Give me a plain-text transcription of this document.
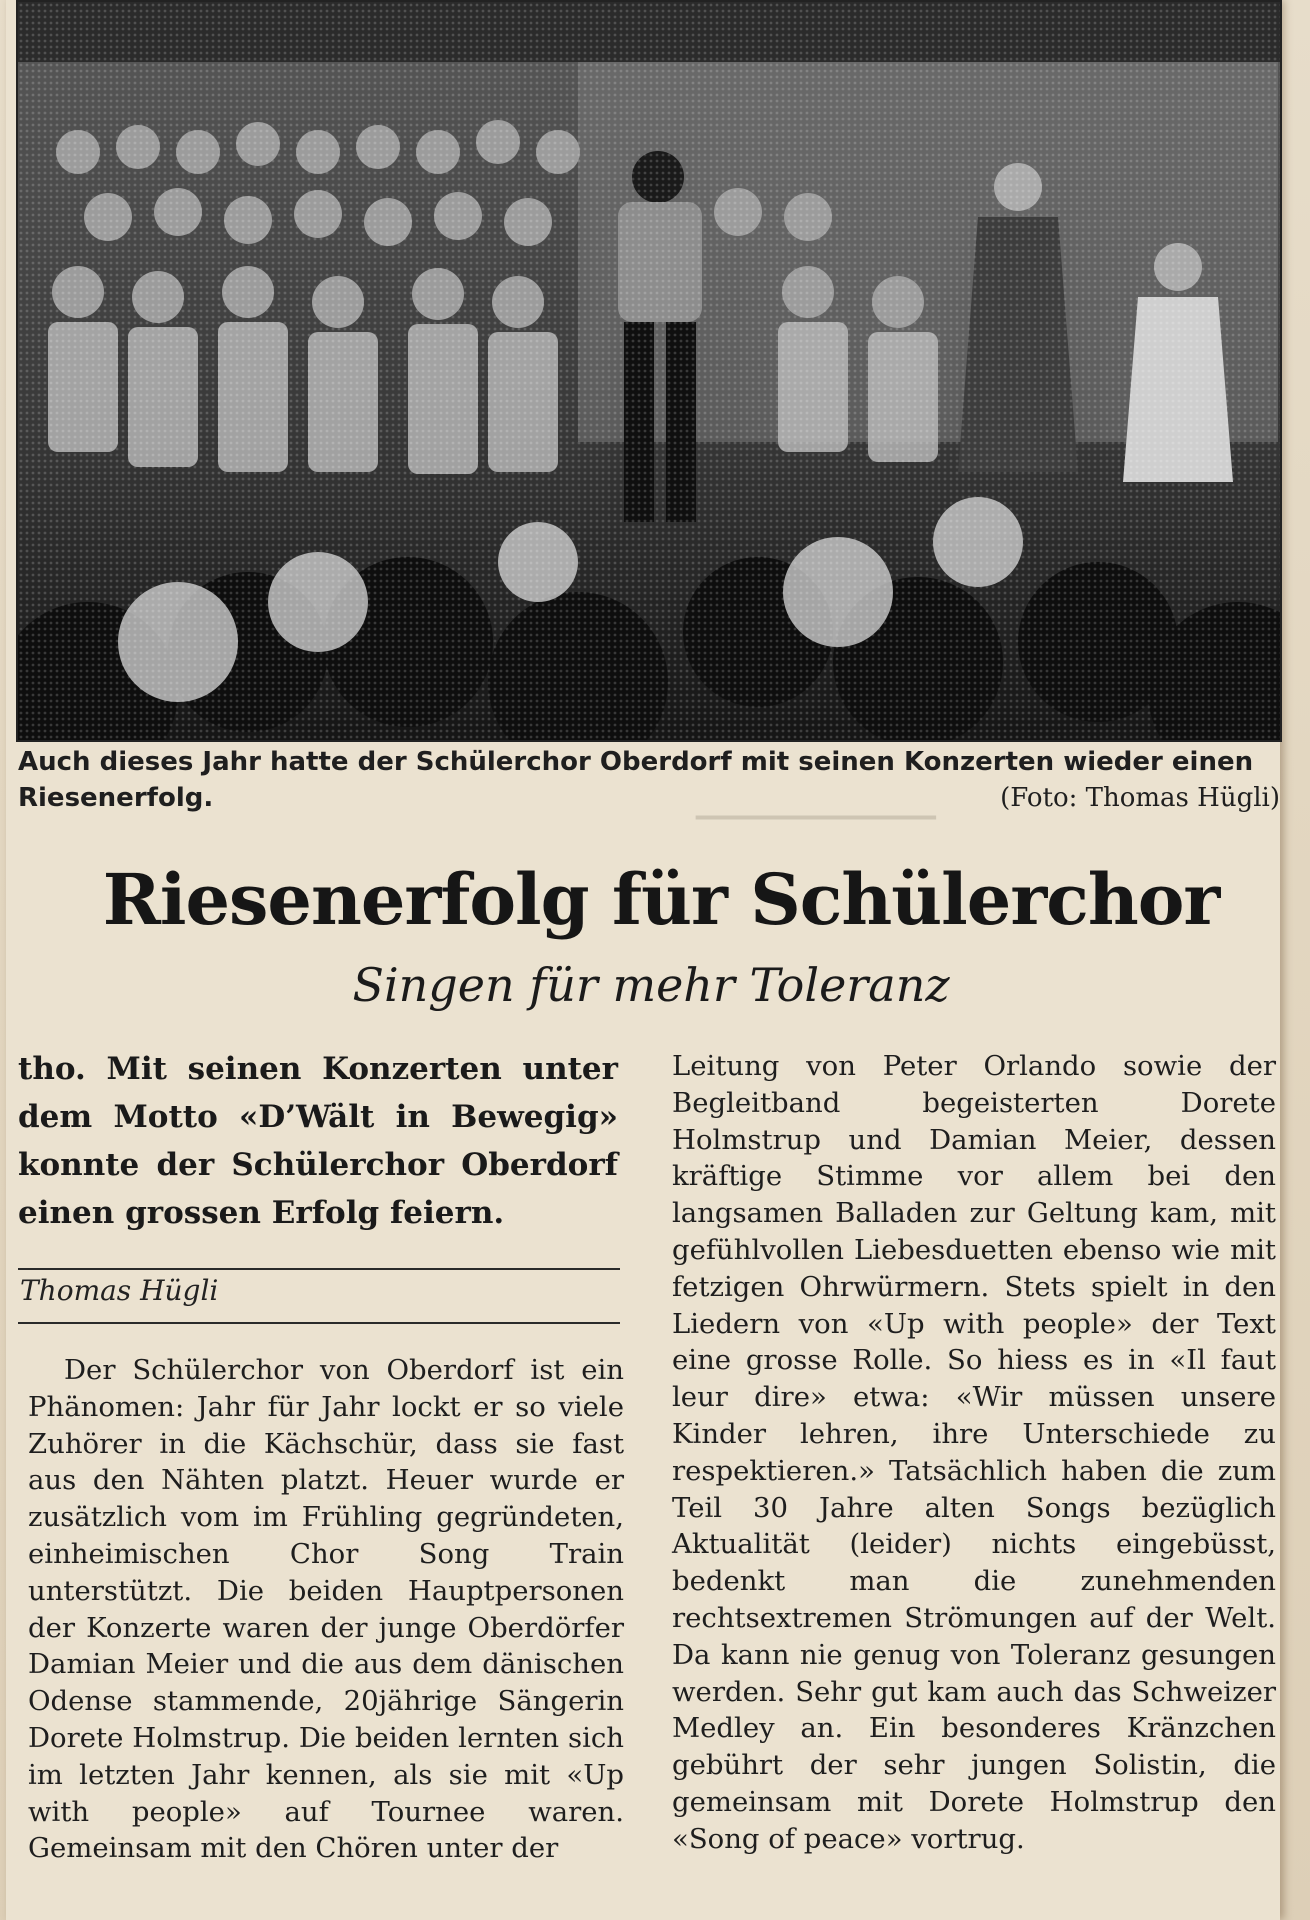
Auch dieses Jahr hatte der Schülerchor Oberdorf mit seinen Konzerten wieder einen Riesenerfolg.	(Foto: Thomas Hügli)
▁▁▁▁▁▁▁▁▁▁▁▁
Riesenerfolg für Schülerchor
Singen für mehr Toleranz
tho. Mit seinen Konzerten unter dem Motto «D’Wält in Bewegig» konnte der Schülerchor Oberdorf einen grossen Erfolg feiern.
Thomas Hügli
Der Schülerchor von Oberdorf ist ein Phänomen: Jahr für Jahr lockt er so viele Zuhörer in die Kächschür, dass sie fast aus den Nähten platzt. Heuer wurde er zusätzlich vom im Frühling gegründeten, einheimischen Chor Song Train unterstützt. Die beiden Hauptpersonen der Konzerte waren der junge Oberdörfer Damian Meier und die aus dem dänischen Odense stammende, 20jährige Sängerin Dorete Holmstrup. Die beiden lernten sich im letzten Jahr kennen, als sie mit «Up with people» auf Tournee waren. Gemeinsam mit den Chören unter der
Leitung von Peter Orlando sowie der Begleitband begeisterten Dorete Holmstrup und Damian Meier, dessen kräftige Stimme vor allem bei den langsamen Balladen zur Geltung kam, mit gefühlvollen Liebesduetten ebenso wie mit fetzigen Ohrwürmern. Stets spielt in den Liedern von «Up with people» der Text eine grosse Rolle. So hiess es in «Il faut leur dire» etwa: «Wir müssen unsere Kinder lehren, ihre Unterschiede zu respektieren.» Tatsächlich haben die zum Teil 30 Jahre alten Songs bezüglich Aktualität (leider) nichts eingebüsst, bedenkt man die zunehmenden rechtsextremen Strömungen auf der Welt. Da kann nie genug von Toleranz gesungen werden. Sehr gut kam auch das Schweizer Medley an. Ein besonderes Kränzchen gebührt der sehr jungen Solistin, die gemeinsam mit Dorete Holmstrup den «Song of peace» vortrug.
